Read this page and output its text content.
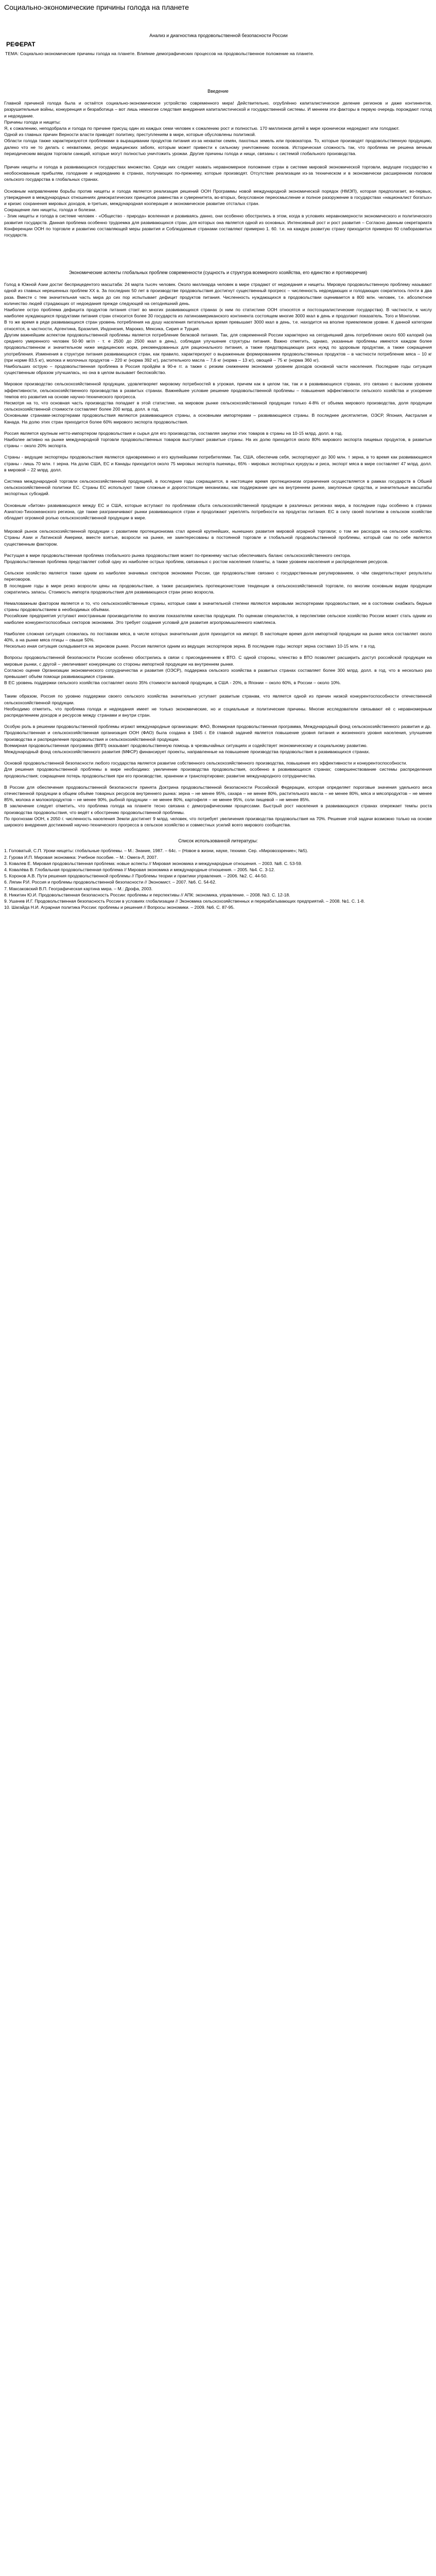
Социально-экономические причины голода на планете
Анализ и диагностика продовольственной безопасности России
РЕФЕРАТ

ТЕМА: Социально-экономические причины голода на планете. Влияние демографических процессов на продовольственное положение на планете.

Введение

Главной причиной голода была и остаётся социально-экономическое устройство современного мира! Действительно, огрублённо капиталистическое деление регионов и даже континентов, разрушительные войны, конкуренция и безработица – вот лишь немногие следствия внедрения капиталистической и государственной системы. И менеем эти факторы в первую очередь порождают голод и недоедание.

Причины голода и нищеты:

Я, к сожалению, неподобрала и голода по причине присущ один из каждых семи человек к сожалению рост и полностью. 170 миллионов детей в мире хронически недоедают или голодают.

Одной из главных причин Верности власти приводят политику, преступлениям в мире, которые обусловлены политикой.

Области голода также характеризуются проблемами в выращивании продуктов питания из-за нехватки семян, пахотных земель или провокатора. То, которые производят продовольственную продукцию, далеко что не то делать с нехваткими, ресурс медицинских забоях, которым может привести к сильному уничтожению посевов. Историческая сложность так, что проблема не решена вечным периодическим вводом торговли санкций, которые могут полностью уничтожить урожаи. Другие причины голода и нищи, связаны с системой глобального производства.

Причин нищеты и голода в развивающихся государствах множество. Среди них следует назвать неравномерное положение стран в системе мировой экономической торговли, ведущее государство к необоснованным прибылям, голодание и недоеданию в странах, получающих по-прежнему, которые производят. Отсутствие реализации из-за техническом и в экономически расширенном половом сельского государства в глобальных странах.

Основным направлением борьбы против нищеты и голода является реализация решений ООН Программы новой международной экономической порядок (НМЭП), которая предполагает, во-первых, утверждения в международных отношениях демократических принципов равенства и суверенитета, во-вторых, безусловное переосмысление и полное разоружение в государствах «националист богатых» и кризис сохранения мировых доходов, в-третьих, международная кооперация и экономическое развитие отсталых стран.

Сокращение лин нищеты, голода и болезни.

- Злик нищеты и голода в системе человек - «Общество - природа» вселенная и развиваясь данно, они особенно обострились в этом, когда в условиях неравномерности экономического и политического развития государств. Данная проблема особенно трудоемка для развивающихся стран, для которых она является одной из основных. Интенсивный рост и рост развития – Согласно данным секретариата Конференции ООН по торговле и развитию составляющей меры развития и Соблюдаемые странами составляют примерно 1. 60. т.е. на каждую развитую страну приходится примерно 60 слаборазвитых государств.

Экономические аспекты глобальных проблем современности (сущность и структура всемирного хозяйства, его единство и противоречия)

Голод в Южной Азии достиг бесприцедентого масштаба: 24 марта тысяч человек. Около миллиарда человек в мире страдают от недоедания и нищеты. Мировую продовольственную проблему называют одной из главных нерешенных проблем XX в. За последних 50 лет в производстве продовольствия достигнут существенный прогресс – численность недоедающих и голодающих сократилось почти в два раза. Вместе с тем значительная часть мира до сих пор испытывает дефицит продуктов питания. Численность нуждающихся в продовольствии оценивается в 800 млн. человек, т.е. абсолютное количество людей страдающих от недоедания прежде следующей на сегодняшний день.

Наиболее остро проблема дефицита продуктов питания стоит во многих развивающихся странах (к ним по статистике ООН относятся и постсоциалистические государства). В частности, к числу наиболее нуждающихся продуктами питания стран относится более 30 государств из латиноамериканского континента состоящем многие 3000 ккал в день и продолжит показатель. Того и Монголии.

В то же время в ряде развивающихся стран уровень потребления на душу населения питательных время превышает 3000 ккал в день, т.е. находится на вполне приемлемом уровне. К данной категории относятся, в частности, Аргентина, Бразилия, Индонезия, Марокко, Мексика, Сирия и Турция.

Другим важнейшим аспектом продовольственной проблемы является потребление белковой питания. Так, для современной России характерно на сегодняшний день потребление около 600 калорий (на среднего умеренного человек 50-90 мг/л - т. е 2500 до 2500 ккал в день), соблюдая улучшение структуры питания. Важно отметить, однако, указанные проблемы имеются каждом более продовольственном и значительном ниже медицинских норм, рекомендованных для рационального питания, а также предотвращающих риск нужд по здоровым продуктам, а также сокращения употребления. Изменения в структуре питания развивающихся стран, как правило, характеризуют о выраженным формированием продовольственных продуктов – в частности потребление мяса – 10 кг (при норме 83,5 кг), молока и молочных продуктов – 220 кг (норма 392 кг), растительного масла – 7,6 кг (норма – 13 кг), овощей – 75 кг (норма 360 кг).

Наибольших острую – продовольственная проблема в Россия пройдём в 90-е гг. а также с резким снижением экономики уровнем доходов основной части населения. Последние годы ситуация существенным образом улучшилась, но она в целом вызывает беспокойство.

Мировое производство сельскохозяйственной продукции, удовлетворяет мировому потребностей в угрожая, причем как в целом так, так и в развивающихся странах, это связано с высоким уровнем эффективности, сельскохозяйственного производства в развитых странах. Важнейшее условие решение продовольственной проблемы – повышения эффективности сельского хозяйства и ускорение темпов его развития на основе научно-технического прогресса.

Несмотря на то, что основная часть производства попадает в этой статистике, на мировом рынке сельскохозяйственной продукции только 4-8% от объема мирового производства, доля продукции сельскохозяйственной стоимости составляет более 200 млрд. долл. в год.

Основными странами-экспортерами продовольствия являются развивающиеся страны, а основными импортерами – развивающиеся страны. В последнее десятилетие, ОЭСР, Япония, Австралия и Канада. На долю этих стран приходится более 60% мирового экспорта продовольствия.

Россия является крупным нетто-импортером продовольствия и сырья для его производства, составляя закупки этих товаров в страны на 10-15 млрд. долл. в год.

Наиболее активно на рынке международной торговли продовольственных товаров выступают развитые страны. На их долю приходится около 80% мирового экспорта пищевых продуктов, в развитые страны – около 20% экспорта.

Страны - ведущие экспортеры продовольствия являются одновременно и его крупнейшими потребителями. Так, США, обеспечив себя, экспортируют до 300 млн. т зерна, в то время как развивающиеся страны - лишь 70 млн. т зерна. На долю США, ЕС и Канады приходится около 75 мировых экспорта пшеницы, 65% - мировых экспортных кукурузы и риса, экспорт мяса в мире составляет 47 млрд. долл. в мировой – 22 млрд. долл.

Система международной торговли сельскохозяйственной продукцией, в последние годы сокращается, в настоящее время протекционизм ограничения осуществляется в рамках государств в Обшей сельскохозяйственной политики ЕС. Страны ЕС используют такие сложные и дорогостоящие механизмы, как поддержание цен на внутреннем рынке, закупочные средства, и значительные масштабы экспортных субсидий.

Основным «битом» развивающихся между ЕС и США, которые вступают по проблемам сбыта сельскохозяйственной продукции в различных регионах мира, в последние годы особенно в странах Азиатско-Тихоокеанского региона, где также разграничивают рынки развивающихся стран и продолжают укреплять потребности на продуктах питания. ЕС в силу своей политики в сельском хозяйстве обладает огромной ролью сельскохозяйственной продукции в мире.

Мировой рынок сельскохозяйственной продукции с развитием протекционизма стал ареной крупнейших, нынешних развития мировой аграрной торговли; о том же расходов на сельское хозяйство. Страны Азии и Латинской Америки, вместе взятые, возросли на рынке, не заинтересованы в постоянной торговле и глобальной продовольственной проблемы, который сам по себе является существенным фактором.

Растущая в мире продовольственная проблема глобального рынка продовольствия может по-прежнему частью обеспечивать баланс сельскохозяйственного сектора.

Продовольственная проблема представляет собой одну из наиболее острых проблем, связанных с ростом населения планеты, а также уровнем населения и распределения ресурсов.

Сельское хозяйство является также одним из наиболее значимых секторов экономики России, где продовольствие связано с государственным регулированием, о чём свидетельствуют результаты переговоров.

В последние годы в мире резко возросли цены на продовольствие, а также расширились протекционистские тенденции в сельскохозяйственной торговле, по многим основным видам продукции сократились запасы. Стоимость импорта продовольствия для развивающихся стран резко возросла.

Немаловажным фактором является и то, что сельскохозяйственные страны, которые сами в значительной степени являются мировыми экспортерами продовольствия, не в состоянии снабжать бедные страны продовольствием в необходимых объёмах.

Российские предприятия уступают иностранным производителям по многим показателям качества продукции. По оценкам специалистов, в перспективе сельское хозяйство России может стать одним из наиболее конкурентоспособных секторов экономики. Это требует создания условий для развития агропромышленного комплекса.

Наиболее сложная ситуация сложилась по поставкам мяса, в числе которых значительная доля приходится на импорт. В настоящее время доля импортной продукции на рынке мяса составляет около 40%, а на рынке мяса птицы – свыше 50%.

Несколько иная ситуация складывается на зерновом рынке. Россия является одним из ведущих экспортеров зерна. В последние годы экспорт зерна составил 10-15 млн. т в год.

Вопросы продовольственной безопасности России особенно обострились в связи с присоединением к ВТО. С одной стороны, членство в ВТО позволяет расширить доступ российской продукции на мировые рынки, с другой – увеличивает конкуренцию со стороны импортной продукции на внутреннем рынке.

Согласно оценке Организации экономического сотрудничества и развития (ОЭСР), поддержка сельского хозяйства в развитых странах составляет более 300 млрд. долл. в год, что в несколько раз превышает объём помощи развивающимся странам.

В ЕС уровень поддержки сельского хозяйства составляет около 35% стоимости валовой продукции, в США - 20%, в Японии – около 60%, в России – около 10%.

Таким образом, Россия по уровню поддержки своего сельского хозяйства значительно уступает развитым странам, что является одной из причин низкой конкурентоспособности отечественной сельскохозяйственной продукции.

Необходимо отметить, что проблема голода и недоедания имеет не только экономические, но и социальные и политические причины. Многие исследователи связывают её с неравномерным распределением доходов и ресурсов между странами и внутри стран.

Особую роль в решении продовольственной проблемы играют международные организации: ФАО, Всемирная продовольственная программа, Международный фонд сельскохозяйственного развития и др.

Продовольственная и сельскохозяйственная организация ООН (ФАО) была создана в 1945 г. Её главной задачей является повышение уровня питания и жизненного уровня населения, улучшение производства и распределения продовольствия и сельскохозяйственной продукции.

Всемирная продовольственная программа (ВПП) оказывает продовольственную помощь в чрезвычайных ситуациях и содействует экономическому и социальному развитию.

Международный фонд сельскохозяйственного развития (МФСР) финансирует проекты, направленные на повышение производства продовольствия в развивающихся странах.

Основой продовольственной безопасности любого государства является развитие собственного сельскохозяйственного производства, повышение его эффективности и конкурентоспособности.

Для решения продовольственной проблемы в мире необходимо: увеличение производства продовольствия, особенно в развивающихся странах; совершенствование системы распределения продовольствия; сокращение потерь продовольствия при его производстве, хранении и транспортировке; развитие международного сотрудничества.

В России для обеспечения продовольственной безопасности принята Доктрина продовольственной безопасности Российской Федерации, которая определяет пороговые значения удельного веса отечественной продукции в общем объёме товарных ресурсов внутреннего рынка: зерна – не менее 95%, сахара – не менее 80%, растительного масла – не менее 80%, мяса и мясопродуктов – не менее 85%, молока и молокопродуктов – не менее 90%, рыбной продукции – не менее 80%, картофеля – не менее 95%, соли пищевой – не менее 85%.

В заключение следует отметить, что проблема голода на планете тесно связана с демографическими процессами. Быстрый рост населения в развивающихся странах опережает темпы роста производства продовольствия, что ведёт к обострению продовольственной проблемы.

По прогнозам ООН, к 2050 г. численность населения Земли достигнет 9 млрд. человек, что потребует увеличения производства продовольствия на 70%. Решение этой задачи возможно только на основе широкого внедрения достижений научно-технического прогресса в сельское хозяйство и совместных усилий всего мирового сообщества.

Список использованной литературы:

1. Головатый, С.П. Уроки нищеты: глобальные проблемы. – М.: Знание, 1987. – 64с. – (Новое в жизни, науке, технике. Сер. «Мировоззрение»; №5).

2. Гурова И.П. Мировая экономика: Учебное пособие. – М.: Омега-Л, 2007.

3. Ковалев Е. Мировая продовольственная проблема: новые аспекты // Мировая экономика и международные отношения. – 2003. №8. С. 53-59.

4. Ковалёва В. Глобальная продовольственная проблема // Мировая экономика и международные отношения. – 2005. №4. С. 3-12.

5. Коронов А.В. Пути решения продовольственной проблемы // Проблемы теории и практики управления. – 2006. №2. С. 44-50.

6. Ляпин Р.И. Россия и проблемы продовольственной безопасности // Экономист. – 2007. №6. С. 54-62.

7. Максаковский В.П. Географическая картина мира. – М.: Дрофа, 2003.

8. Никитин Ю.И. Продовольственная безопасность России: проблемы и перспективы // АПК: экономика, управление. – 2008. №3. С. 12-18.

9. Ушачев И.Г. Продовольственная безопасность России в условиях глобализации // Экономика сельскохозяйственных и перерабатывающих предприятий. – 2008. №1. С. 1-8.

10. Шагайда Н.И. Аграрная политика России: проблемы и решения // Вопросы экономики. – 2009. №6. С. 87-95.
